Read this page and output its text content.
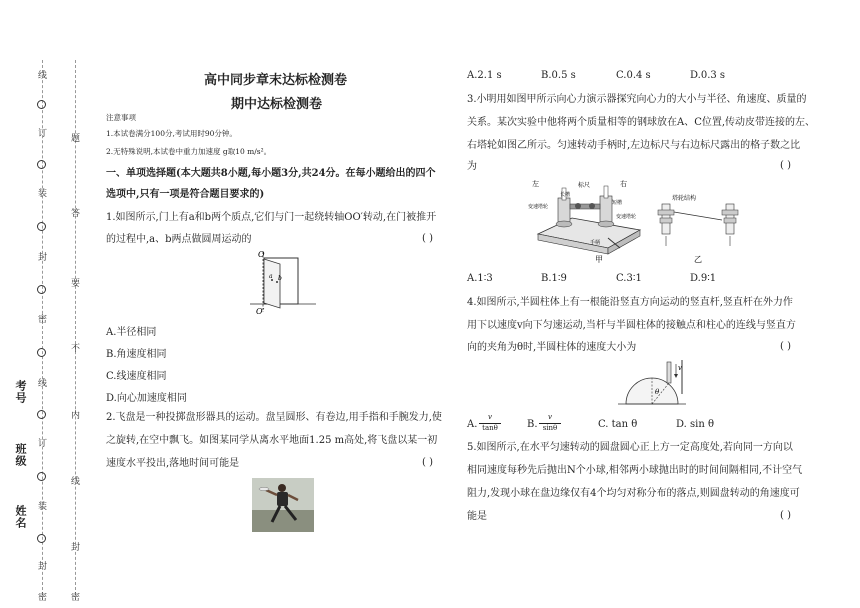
线
订
装
封
密
线
订
装
封
密
题
答
要
不
内
线
封
密
考号
班级
姓名
高中同步章末达标检测卷
期中达标检测卷
注意事项
1.本试卷满分100分,考试用时90分钟。
2.无特殊说明,本试卷中重力加速度 g取10 m/s²。
一、单项选择题(本大题共8小题,每小题3分,共24分。在每小题给出的四个
选项中,只有一项是符合题目要求的)
1.如图所示,门上有a和b两个质点,它们与门一起绕转轴OO′转动,在门被推开
的过程中,a、b两点做圆周运动的	( )
O
O′
a b
A.半径相同
B.角速度相同
C.线速度相同
D.向心加速度相同
2.飞盘是一种投掷盘形器具的运动。盘呈圆形、有卷边,用手指和手腕发力,使
之旋转,在空中飘飞。如图某同学从离水平地面1.25 m高处,将飞盘以某一初
速度水平投出,落地时间可能是	( )
A.2.1 s	B.0.5 s	C.0.4 s	D.0.3 s
3.小明用如图甲所示向心力演示器探究向心力的大小与半径、角速度、质量的
关系。某次实验中他将两个质量相等的钢球放在A、C位置,传动皮带连接的左、
右塔轮如图乙所示。匀速转动手柄时,左边标尺与右边标尺露出的格子数之比
为	( )
左	右
标尺
长槽
短槽
变速塔轮
变速塔轮
手柄
甲
塔轮结构
乙
A.1∶3	B.1∶9	C.3∶1	D.9∶1
4.如图所示,半圆柱体上有一根能沿竖直方向运动的竖直杆,竖直杆在外力作
用下以速度v向下匀速运动,当杆与半圆柱体的接触点和柱心的连线与竖直方
向的夹角为θ时,半圆柱体的速度大小为	( )
v
θ
A.
v
tanθ	B.
v
sinθ	C. tan θ	D. sin θ
5.如图所示,在水平匀速转动的圆盘圆心正上方一定高度处,若向同一方向以
相同速度每秒先后抛出N个小球,相邻两小球抛出时的时间间隔相同,不计空气
阻力,发现小球在盘边缘仅有4个均匀对称分布的落点,则圆盘转动的角速度可
能是	( )
